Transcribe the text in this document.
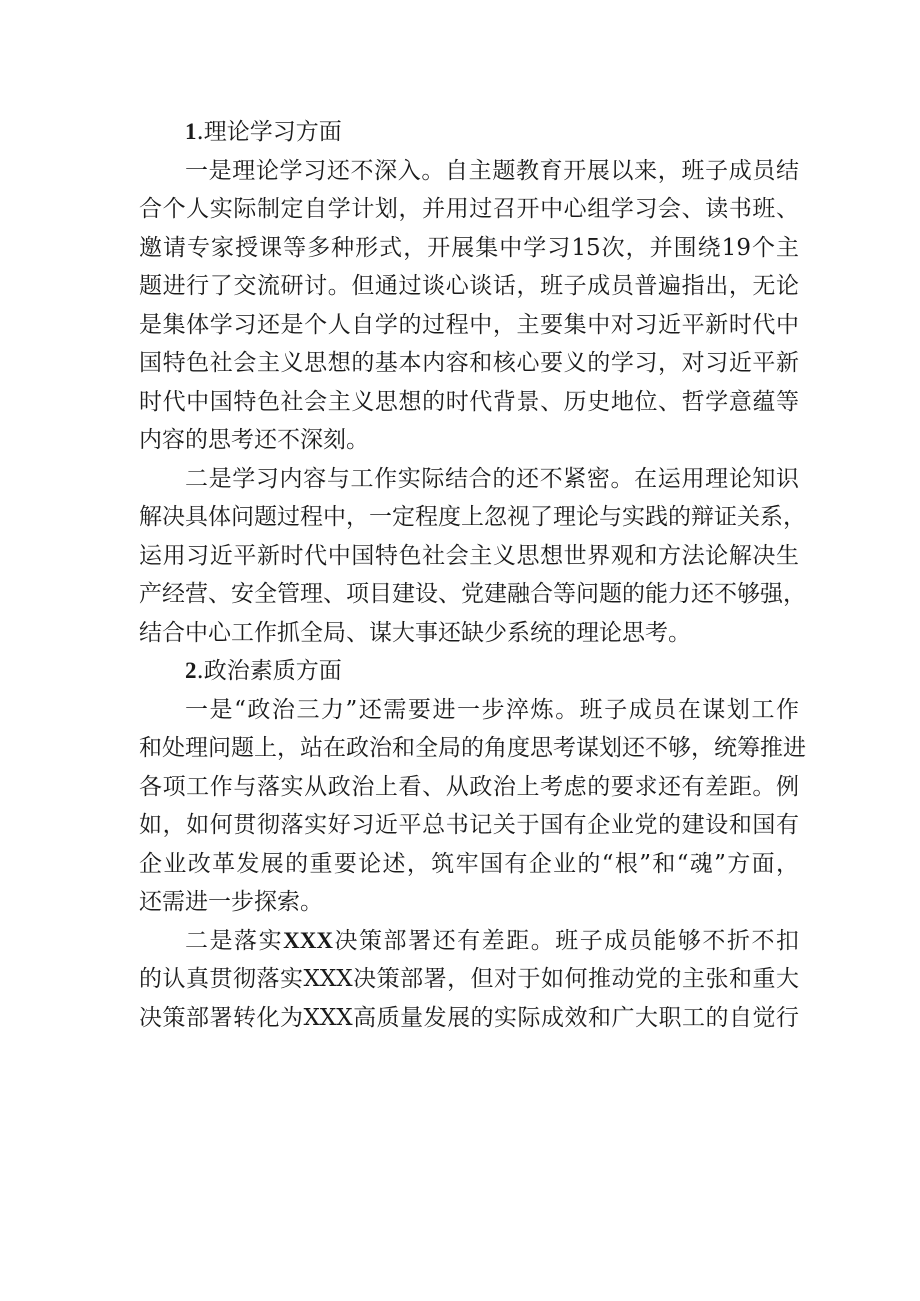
1.理论学习方面
一是理论学习还不深入。自主题教育开展以来，班子成员结
合个人实际制定自学计划，并用过召开中心组学习会、读书班、
邀请专家授课等多种形式，开展集中学习15次，并围绕19个主
题进行了交流研讨。但通过谈心谈话，班子成员普遍指出，无论
是集体学习还是个人自学的过程中，主要集中对习近平新时代中
国特色社会主义思想的基本内容和核心要义的学习，对习近平新
时代中国特色社会主义思想的时代背景、历史地位、哲学意蕴等
内容的思考还不深刻。
二是学习内容与工作实际结合的还不紧密。在运用理论知识
解决具体问题过程中，一定程度上忽视了理论与实践的辩证关系，
运用习近平新时代中国特色社会主义思想世界观和方法论解决生
产经营、安全管理、项目建设、党建融合等问题的能力还不够强，
结合中心工作抓全局、谋大事还缺少系统的理论思考。
2.政治素质方面
一是“政治三力”还需要进一步淬炼。班子成员在谋划工作
和处理问题上，站在政治和全局的角度思考谋划还不够，统筹推进
各项工作与落实从政治上看、从政治上考虑的要求还有差距。例
如，如何贯彻落实好习近平总书记关于国有企业党的建设和国有
企业改革发展的重要论述，筑牢国有企业的“根”和“魂”方面，
还需进一步探索。
二是落实XXX决策部署还有差距。班子成员能够不折不扣
的认真贯彻落实XXX决策部署，但对于如何推动党的主张和重大
决策部署转化为XXX高质量发展的实际成效和广大职工的自觉行
